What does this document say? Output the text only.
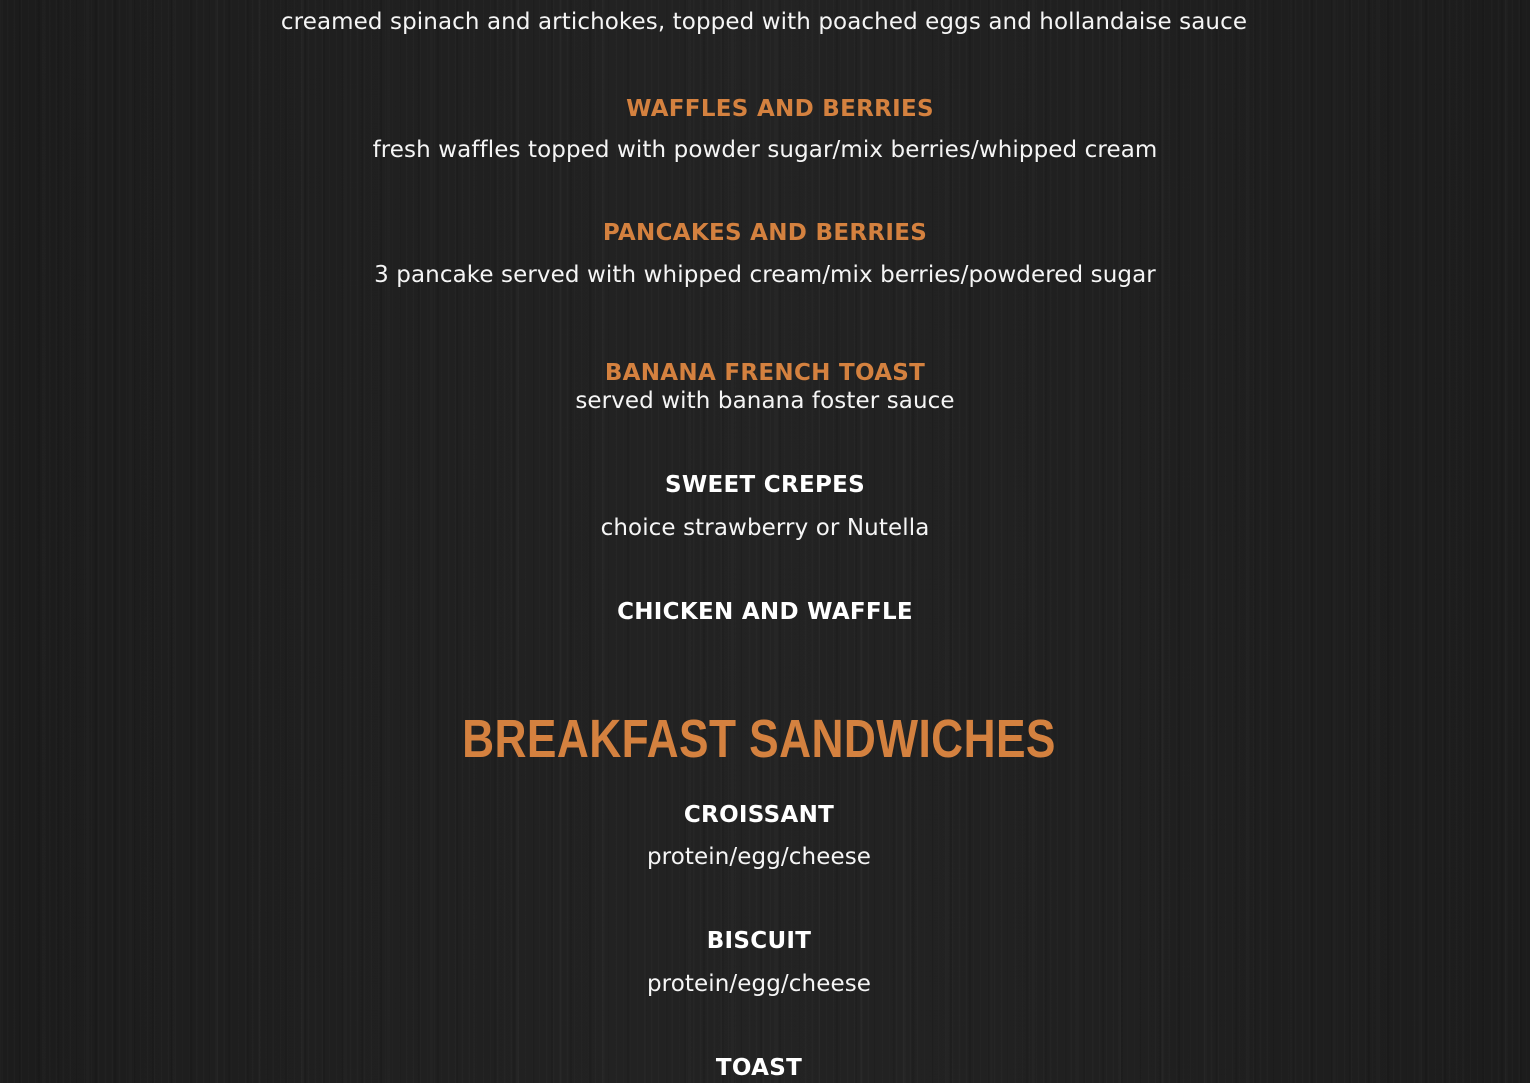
creamed spinach and artichokes, topped with poached eggs and hollandaise sauce
WAFFLES AND BERRIES
fresh waffles topped with powder sugar/mix berries/whipped cream
PANCAKES AND BERRIES
3 pancake served with whipped cream/mix berries/powdered sugar
BANANA FRENCH TOAST
served with banana foster sauce
SWEET CREPES
choice strawberry or Nutella
CHICKEN AND WAFFLE
BREAKFAST SANDWICHES
CROISSANT
protein/egg/cheese
BISCUIT
protein/egg/cheese
TOAST
